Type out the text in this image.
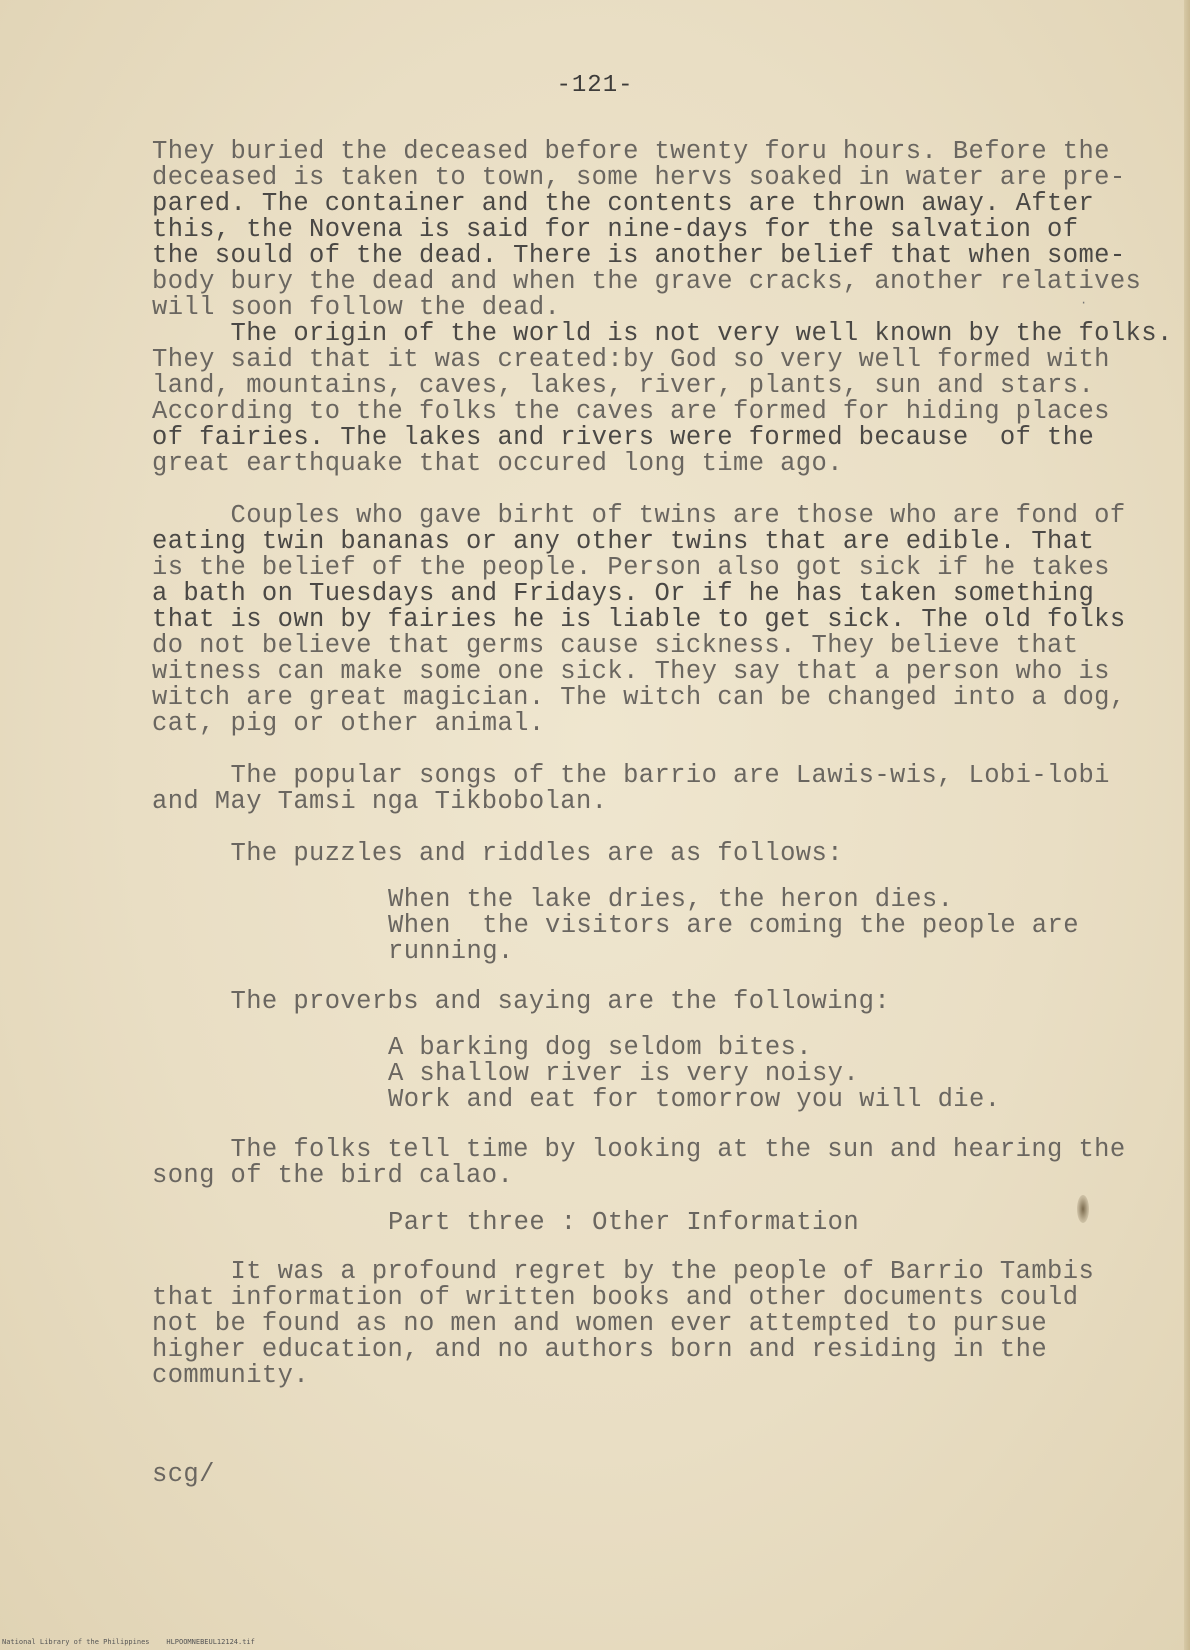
-121-
They buried the deceased before twenty foru hours. Before the
deceased is taken to town, some hervs soaked in water are pre-
pared. The container and the contents are thrown away. After
this, the Novena is said for nine-days for the salvation of
the sould of the dead. There is another belief that when some-
body bury the dead and when the grave cracks, another relatives
will soon follow the dead.	·
The origin of the world is not very well known by the folks.
They said that it was created:by God so very well formed with
land, mountains, caves, lakes, river, plants, sun and stars.
According to the folks the caves are formed for hiding places
of fairies. The lakes and rivers were formed because  of the
great earthquake that occured long time ago.
Couples who gave birht of twins are those who are fond of
eating twin bananas or any other twins that are edible. That
is the belief of the people. Person also got sick if he takes
a bath on Tuesdays and Fridays. Or if he has taken something
that is own by fairies he is liable to get sick. The old folks
do not believe that germs cause sickness. They believe that
witness can make some one sick. They say that a person who is
witch are great magician. The witch can be changed into a dog,
cat, pig or other animal.
The popular songs of the barrio are Lawis-wis, Lobi-lobi
and May Tamsi nga Tikbobolan.
The puzzles and riddles are as follows:
When the lake dries, the heron dies.
When  the visitors are coming the people are
running.
The proverbs and saying are the following:
A barking dog seldom bites.
A shallow river is very noisy.
Work and eat for tomorrow you will die.
The folks tell time by looking at the sun and hearing the
song of the bird calao.
Part three : Other Information
It was a profound regret by the people of Barrio Tambis
that information of written books and other documents could
not be found as no men and women ever attempted to pursue
higher education, and no authors born and residing in the
community.
scg/
National Library of the Philippines    HLPOOMNEBEUL12124.tif
